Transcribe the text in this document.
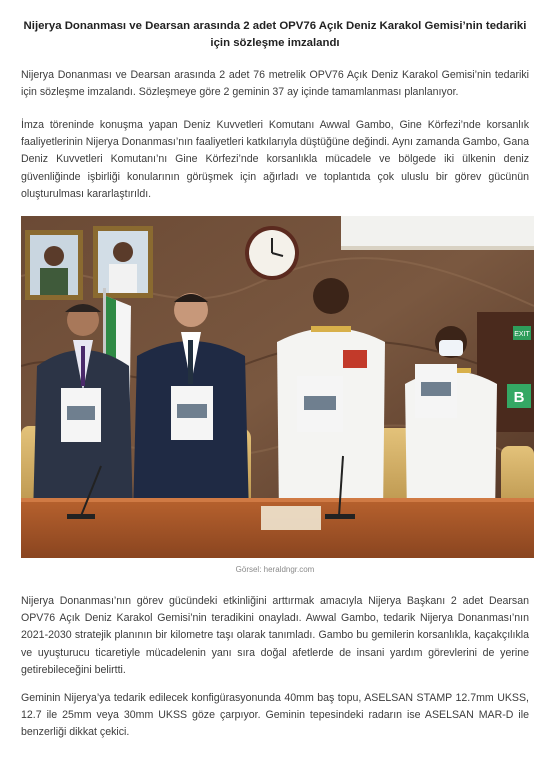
Nijerya Donanması ve Dearsan arasında 2 adet OPV76 Açık Deniz Karakol Gemisi’nin tedariki için sözleşme imzalandı

Nijerya Donanması ve Dearsan arasında 2 adet 76 metrelik OPV76 Açık Deniz Karakol Gemisi’nin tedariki için sözleşme imzalandı. Sözleşmeye göre 2 geminin 37 ay içinde tamamlanması planlanıyor.

İmza töreninde konuşma yapan Deniz Kuvvetleri Komutanı Awwal Gambo, Gine Körfezi’nde korsanlık faaliyetlerinin Nijerya Donanması’nın faaliyetleri katkılarıyla düştüğüne değindi. Aynı zamanda Gambo, Gana Deniz Kuvvetleri Komutanı’nı Gine Körfezi’nde korsanlıkla mücadele ve bölgede iki ülkenin deniz güvenliğinde işbirliği konularının görüşmek için ağırladı ve toplantıda çok uluslu bir görev gücünün oluşturulması kararlaştırıldı.

EXIT
B
Görsel: heraldngr.com

Nijerya Donanması’nın görev gücündeki etkinliğini arttırmak amacıyla Nijerya Başkanı 2 adet Dearsan OPV76 Açık Deniz Karakol Gemisi’nin teradikini onayladı. Awwal Gambo, tedarik Nijerya Donanması’nın 2021-2030 stratejik planının bir kilometre taşı olarak tanımladı. Gambo bu gemilerin korsanlıkla, kaçakçılıkla ve uyuşturucu ticaretiyle mücadelenin yanı sıra doğal afetlerde de insani yardım görevlerini de yerine getirebileceğini belirtti.

Geminin Nijerya’ya tedarik edilecek konfigürasyonunda 40mm baş topu, ASELSAN STAMP 12.7mm UKSS, 12.7 ile 25mm veya 30mm UKSS göze çarpıyor. Geminin tepesindeki radarın ise ASELSAN MAR-D ile benzerliği dikkat çekici.
